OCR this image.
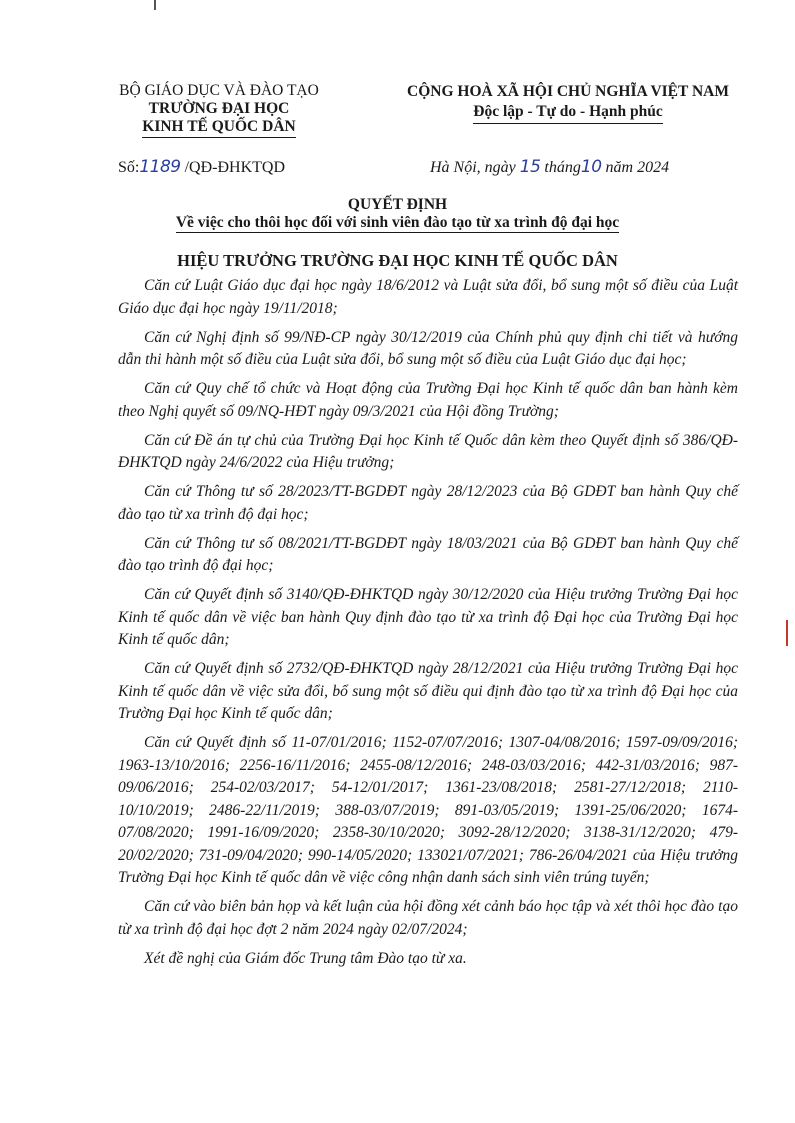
BỘ GIÁO DỤC VÀ ĐÀO TẠO
TRƯỜNG ĐẠI HỌC
KINH TẾ QUỐC DÂN
CỘNG HOÀ XÃ HỘI CHỦ NGHĨA VIỆT NAM
Độc lập - Tự do - Hạnh phúc
Số:1189 /QĐ-ĐHKTQD	Hà Nội, ngày 15 tháng10 năm 2024
QUYẾT ĐỊNH
Về việc cho thôi học đối với sinh viên đào tạo từ xa trình độ đại học
HIỆU TRƯỞNG TRƯỜNG ĐẠI HỌC KINH TẾ QUỐC DÂN

Căn cứ Luật Giáo dục đại học ngày 18/6/2012 và Luật sửa đổi, bổ sung một số điều của Luật Giáo dục đại học ngày 19/11/2018;

Căn cứ Nghị định số 99/NĐ-CP ngày 30/12/2019 của Chính phủ quy định chi tiết và hướng dẫn thi hành một số điều của Luật sửa đổi, bổ sung một số điều của Luật Giáo dục đại học;

Căn cứ Quy chế tổ chức và Hoạt động của Trường Đại học Kinh tế quốc dân ban hành kèm theo Nghị quyết số 09/NQ-HĐT ngày 09/3/2021 của Hội đồng Trường;

Căn cứ Đề án tự chủ của Trường Đại học Kinh tế Quốc dân kèm theo Quyết định số 386/QĐ-ĐHKTQD ngày 24/6/2022 của Hiệu trưởng;

Căn cứ Thông tư số 28/2023/TT-BGDĐT ngày 28/12/2023 của Bộ GDĐT ban hành Quy chế đào tạo từ xa trình độ đại học;

Căn cứ Thông tư số 08/2021/TT-BGDĐT ngày 18/03/2021 của Bộ GDĐT ban hành Quy chế đào tạo trình độ đại học;

Căn cứ Quyết định số 3140/QĐ-ĐHKTQD ngày 30/12/2020 của Hiệu trưởng Trường Đại học Kinh tế quốc dân về việc ban hành Quy định đào tạo từ xa trình độ Đại học của Trường Đại học Kinh tế quốc dân;

Căn cứ Quyết định số 2732/QĐ-ĐHKTQD ngày 28/12/2021 của Hiệu trưởng Trường Đại học Kinh tế quốc dân về việc sửa đổi, bổ sung một số điều qui định đào tạo từ xa trình độ Đại học của Trường Đại học Kinh tế quốc dân;

Căn cứ Quyết định số 11-07/01/2016; 1152-07/07/2016; 1307-04/08/2016; 1597-09/09/2016; 1963-13/10/2016; 2256-16/11/2016; 2455-08/12/2016; 248-03/03/2016; 442-31/03/2016; 987-09/06/2016; 254-02/03/2017; 54-12/01/2017; 1361-23/08/2018; 2581-27/12/2018; 2110-10/10/2019; 2486-22/11/2019; 388-03/07/2019; 891-03/05/2019; 1391-25/06/2020; 1674-07/08/2020; 1991-16/09/2020; 2358-30/10/2020; 3092-28/12/2020; 3138-31/12/2020; 479-20/02/2020; 731-09/04/2020; 990-14/05/2020; 133021/07/2021; 786-26/04/2021 của Hiệu trưởng Trường Đại học Kinh tế quốc dân về việc công nhận danh sách sinh viên trúng tuyển;

Căn cứ vào biên bản họp và kết luận của hội đồng xét cảnh báo học tập và xét thôi học đào tạo từ xa trình độ đại học đợt 2 năm 2024 ngày 02/07/2024;

Xét đề nghị của Giám đốc Trung tâm Đào tạo từ xa.
